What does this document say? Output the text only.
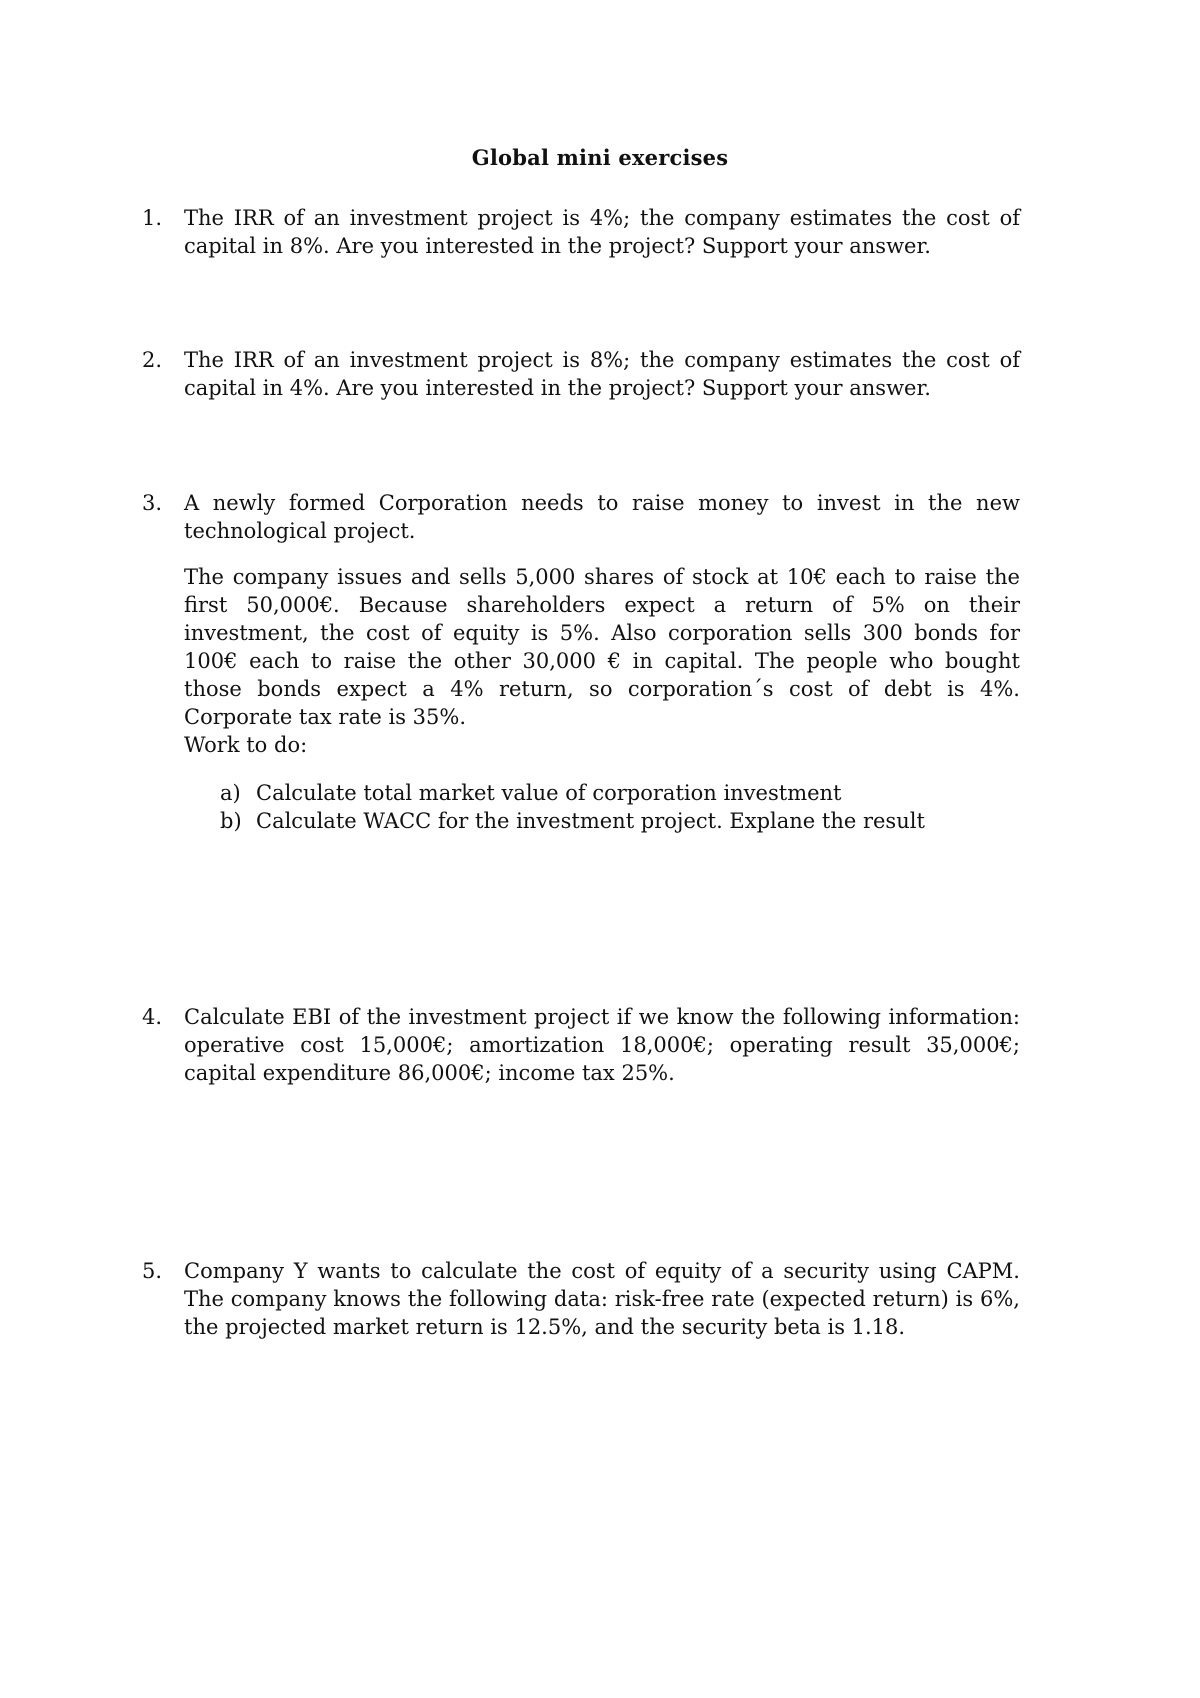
Global mini exercises
1.	The IRR of an investment project is 4%; the company estimates the cost of capital in 8%. Are you interested in the project? Support your answer.

2.	The IRR of an investment project is 8%; the company estimates the cost of capital in 4%. Are you interested in the project? Support your answer.

3.	A newly formed Corporation needs to raise money to invest in the new technological project.

The company issues and sells 5,000 shares of stock at 10€ each to raise the first 50,000€. Because shareholders expect a return of 5% on their investment, the cost of equity is 5%. Also corporation sells 300 bonds for 100€ each to raise the other 30,000 € in capital. The people who bought those bonds expect a 4% return, so corporation´s cost of debt is 4%. Corporate tax rate is 35%.

Work to do:
a) Calculate total market value of corporation investment
b) Calculate WACC for the investment project. Explane the result
4.	Calculate EBI of the investment project if we know the following information: operative cost 15,000€; amortization 18,000€; operating result 35,000€; capital expenditure 86,000€; income tax 25%.

5.	Company Y wants to calculate the cost of equity of a security using CAPM. The company knows the following data: risk-free rate (expected return) is 6%, the projected market return is 12.5%, and the security beta is 1.18.
